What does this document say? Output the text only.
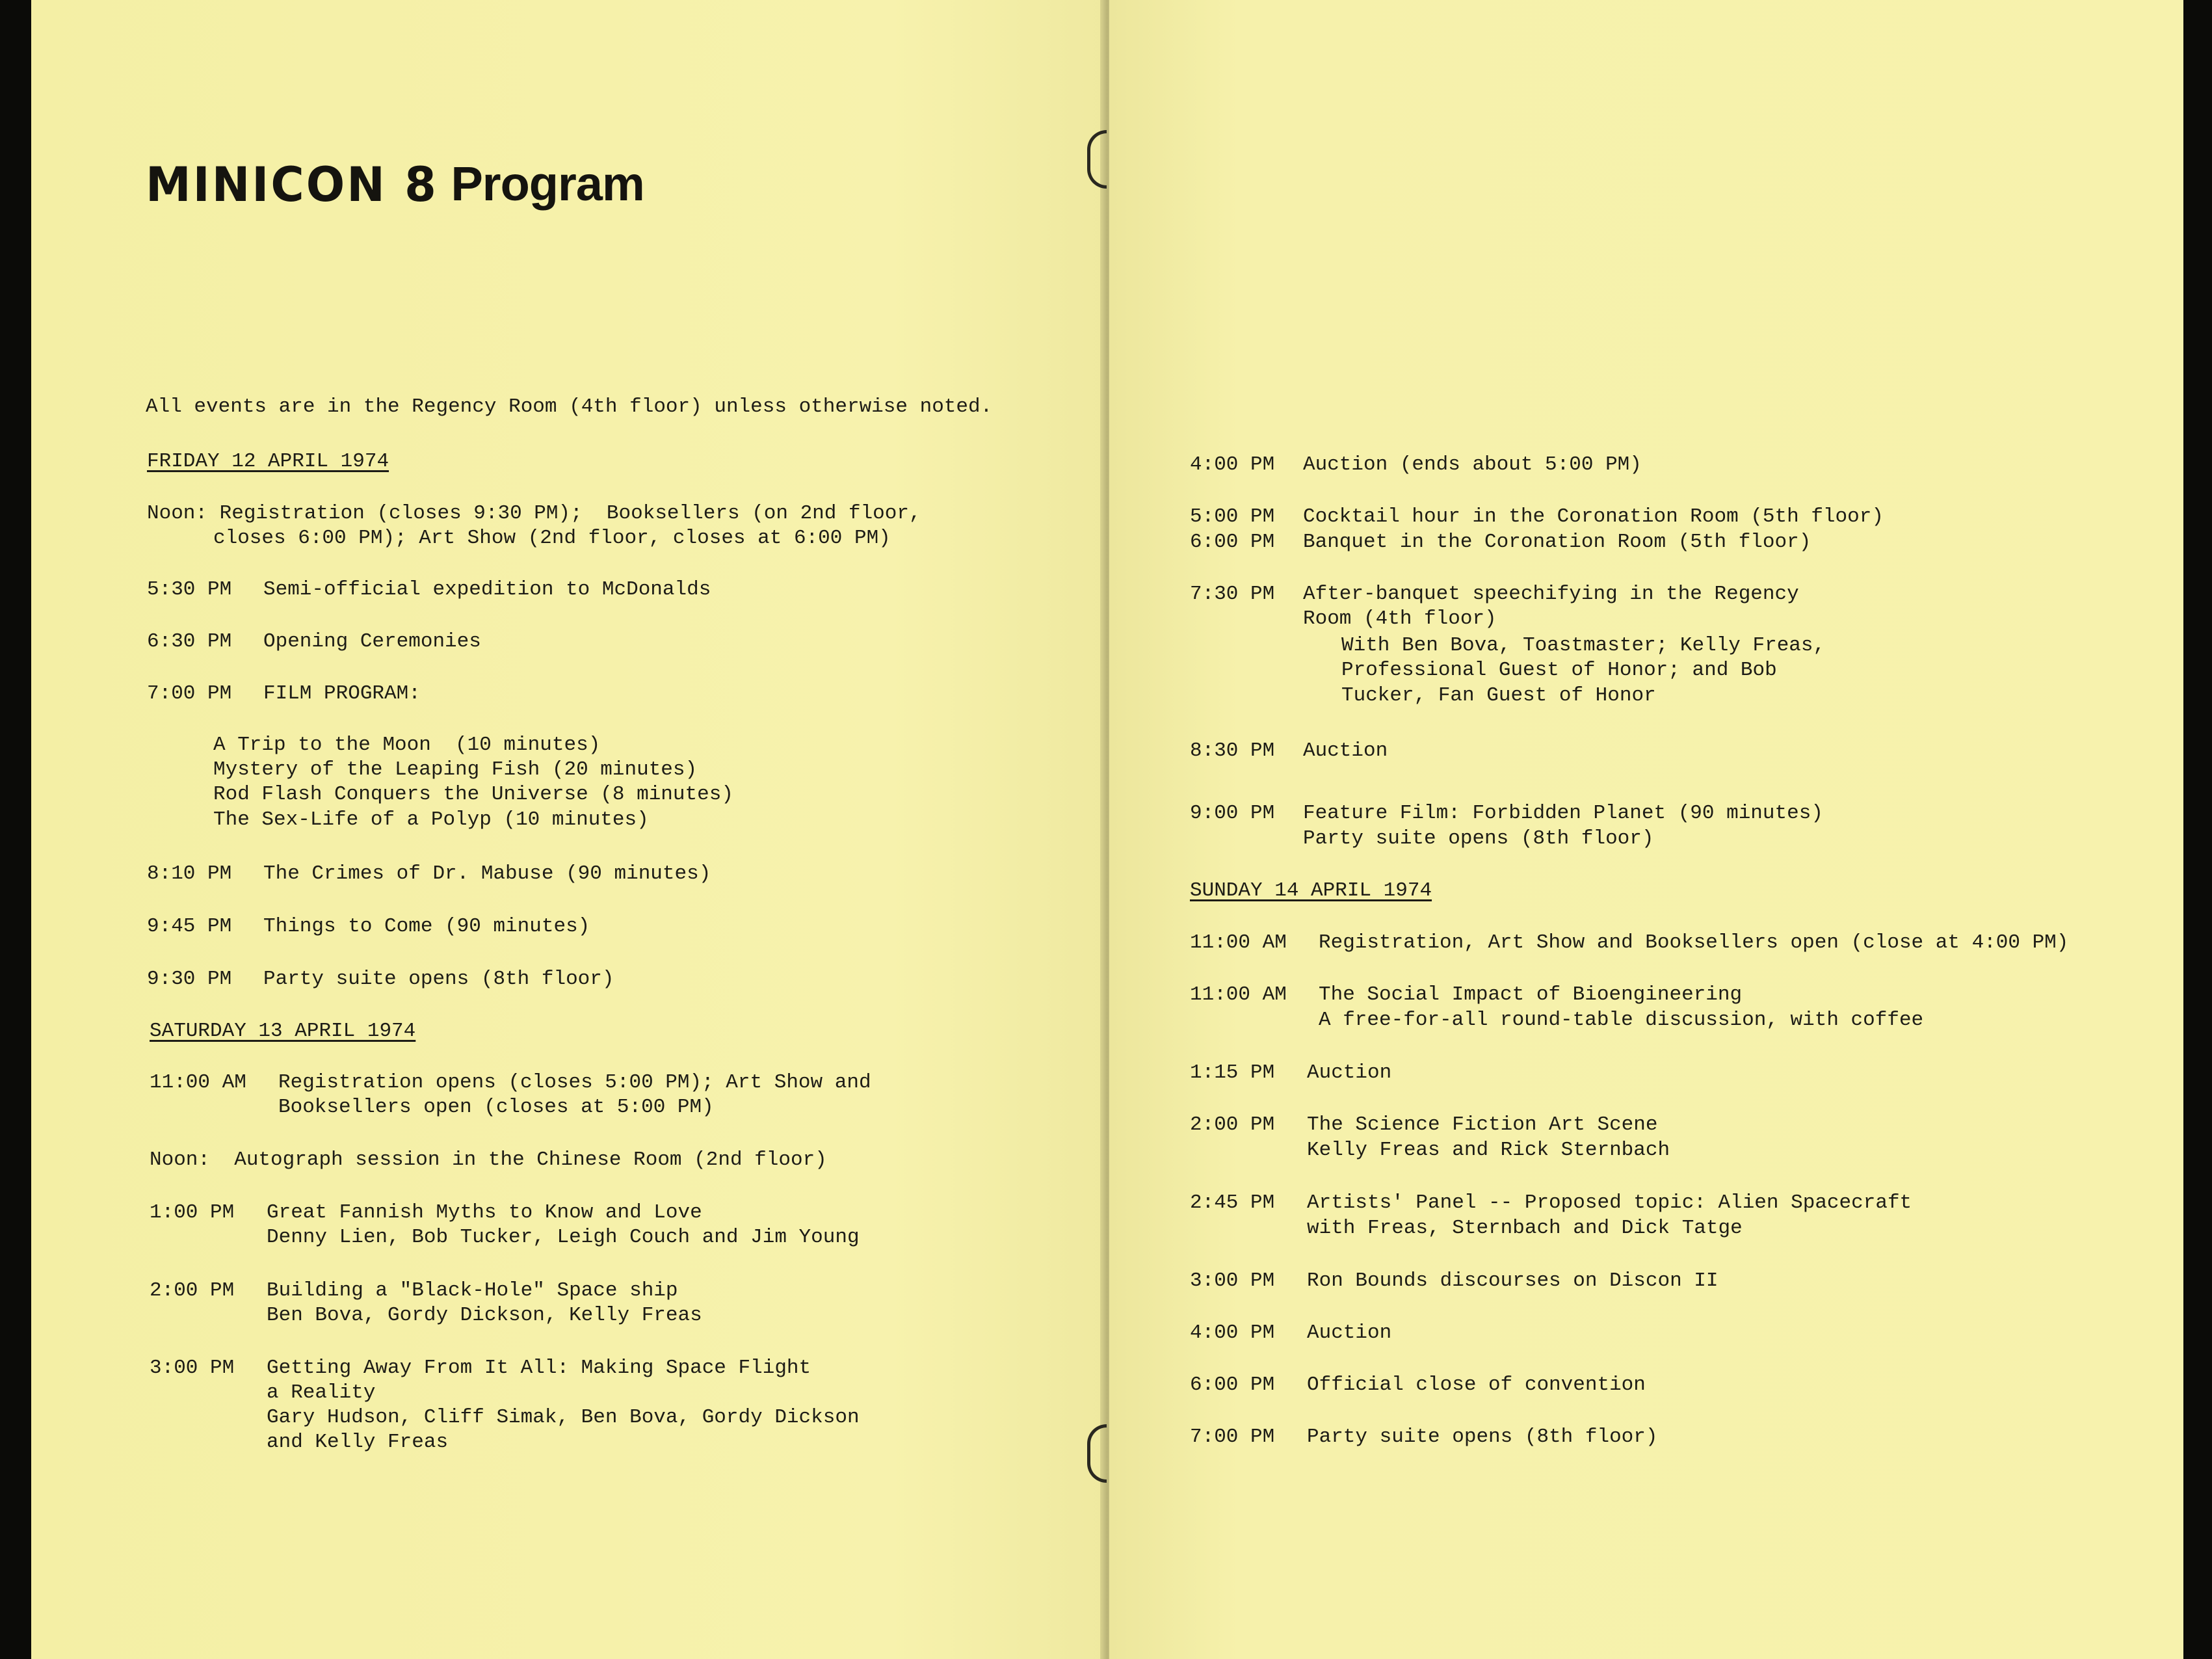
MINICON 8 Program
All events are in the Regency Room (4th floor) unless otherwise noted.
FRIDAY 12 APRIL 1974
Noon: Registration (closes 9:30 PM);  Booksellers (on 2nd floor,
closes 6:00 PM); Art Show (2nd floor, closes at 6:00 PM)
5:30 PM Semi-official expedition to McDonalds
6:30 PM Opening Ceremonies
7:00 PM FILM PROGRAM:
A Trip to the Moon  (10 minutes)
Mystery of the Leaping Fish (20 minutes)
Rod Flash Conquers the Universe (8 minutes)
The Sex-Life of a Polyp (10 minutes)
8:10 PM The Crimes of Dr. Mabuse (90 minutes)
9:45 PM Things to Come (90 minutes)
9:30 PM Party suite opens (8th floor)
SATURDAY 13 APRIL 1974
11:00 AM Registration opens (closes 5:00 PM); Art Show and
Booksellers open (closes at 5:00 PM)
Noon:  Autograph session in the Chinese Room (2nd floor)
1:00 PM Great Fannish Myths to Know and Love
Denny Lien, Bob Tucker, Leigh Couch and Jim Young
2:00 PM Building a "Black-Hole" Space ship
Ben Bova, Gordy Dickson, Kelly Freas
3:00 PM Getting Away From It All: Making Space Flight
a Reality
Gary Hudson, Cliff Simak, Ben Bova, Gordy Dickson
and Kelly Freas
4:00 PM Auction (ends about 5:00 PM)
5:00 PM Cocktail hour in the Coronation Room (5th floor)
6:00 PM Banquet in the Coronation Room (5th floor)
7:30 PM After-banquet speechifying in the Regency
Room (4th floor)
With Ben Bova, Toastmaster; Kelly Freas,
Professional Guest of Honor; and Bob
Tucker, Fan Guest of Honor
8:30 PM Auction
9:00 PM Feature Film: Forbidden Planet (90 minutes)
Party suite opens (8th floor)
SUNDAY 14 APRIL 1974
11:00 AM Registration, Art Show and Booksellers open (close at 4:00 PM)
11:00 AM The Social Impact of Bioengineering
A free-for-all round-table discussion, with coffee
1:15 PM Auction
2:00 PM The Science Fiction Art Scene
Kelly Freas and Rick Sternbach
2:45 PM Artists' Panel -- Proposed topic: Alien Spacecraft
with Freas, Sternbach and Dick Tatge
3:00 PM Ron Bounds discourses on Discon II
4:00 PM Auction
6:00 PM Official close of convention
7:00 PM Party suite opens (8th floor)
